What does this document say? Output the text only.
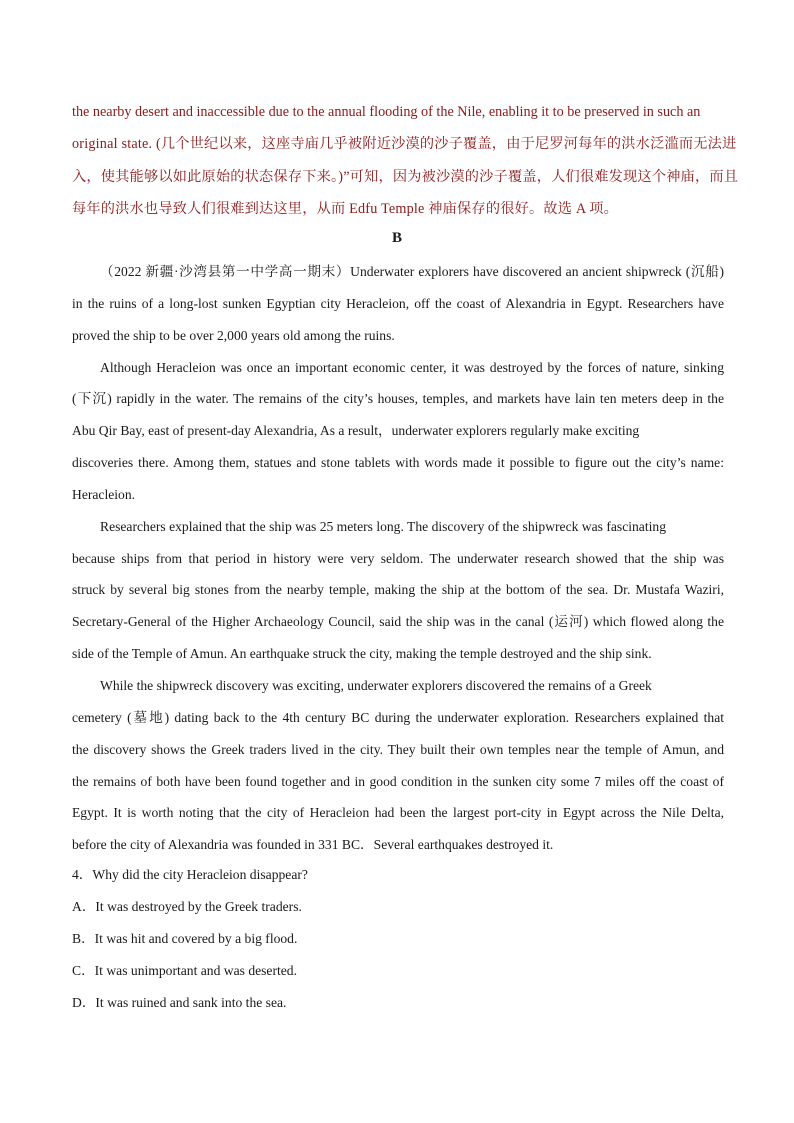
the nearby desert and inaccessible due to the annual flooding of the Nile, enabling it to be preserved in such an
original state. (几个世纪以来，这座寺庙几乎被附近沙漠的沙子覆盖，由于尼罗河每年的洪水泛滥而无法进
入，使其能够以如此原始的状态保存下来。)”可知，因为被沙漠的沙子覆盖，人们很难发现这个神庙，而且
每年的洪水也导致人们很难到达这里，从而 Edfu Temple 神庙保存的很好。故选 A 项。
B
（2022 新疆·沙湾县第一中学高一期末）Underwater explorers have discovered an ancient shipwreck (沉船)
in the ruins of a long-lost sunken Egyptian city Heracleion, off the coast of Alexandria in Egypt. Researchers have
proved the ship to be over 2,000 years old among the ruins.
Although Heracleion was once an important economic center, it was destroyed by the forces of nature, sinking
(下沉) rapidly in the water. The remains of the city’s houses, temples, and markets have lain ten meters deep in the
Abu Qir Bay, east of present-day Alexandria, As a result，underwater explorers regularly make exciting
discoveries there. Among them, statues and stone tablets with words made it possible to figure out the city’s name:
Heracleion.
Researchers explained that the ship was 25 meters long. The discovery of the shipwreck was fascinating
because ships from that period in history were very seldom. The underwater research showed that the ship was
struck by several big stones from the nearby temple, making the ship at the bottom of the sea. Dr. Mustafa Waziri,
Secretary-General of the Higher Archaeology Council, said the ship was in the canal (运河) which flowed along the
side of the Temple of Amun. An earthquake struck the city, making the temple destroyed and the ship sink.
While the shipwreck discovery was exciting, underwater explorers discovered the remains of a Greek
cemetery (墓地) dating back to the 4th century BC during the underwater exploration. Researchers explained that
the discovery shows the Greek traders lived in the city. They built their own temples near the temple of Amun, and
the remains of both have been found together and in good condition in the sunken city some 7 miles off the coast of
Egypt. It is worth noting that the city of Heracleion had been the largest port-city in Egypt across the Nile Delta,
before the city of Alexandria was founded in 331 BC．Several earthquakes destroyed it.
4．Why did the city Heracleion disappear?
A．It was destroyed by the Greek traders.
B．It was hit and covered by a big flood.
C．It was unimportant and was deserted.
D．It was ruined and sank into the sea.
